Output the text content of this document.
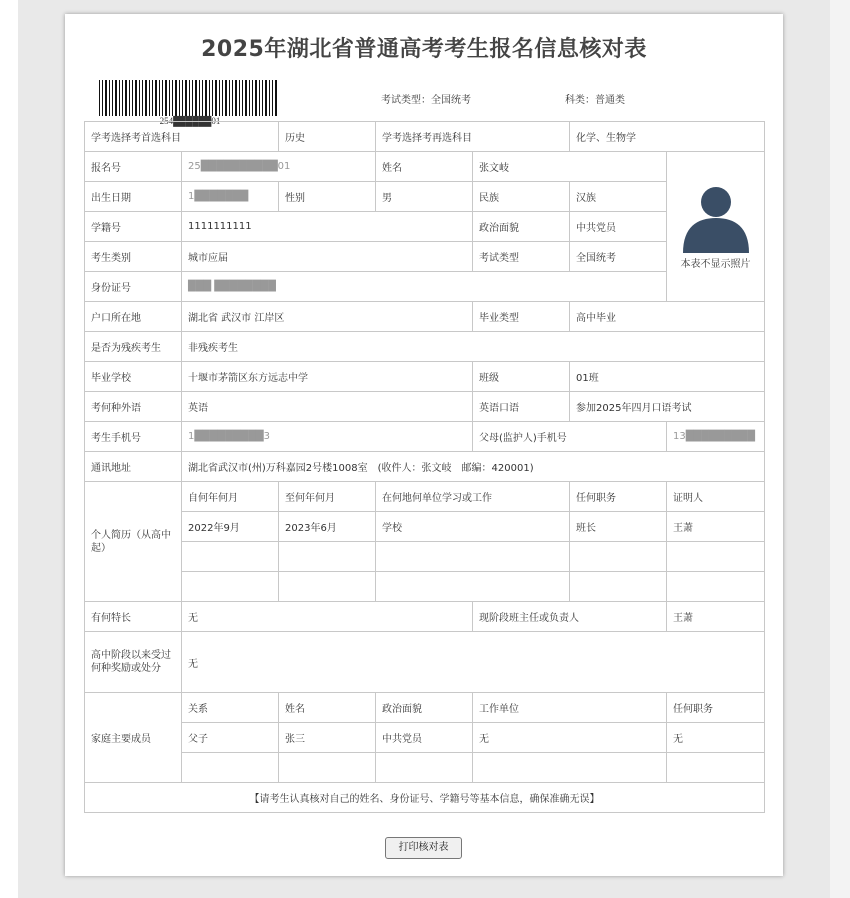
2025年湖北省普通高考考生报名信息核对表
254██████01
考试类型：全国统考	科类：普通类
学考选择考首选科目		历史	学考选择考再选科目		化学、生物学	
报名号	25██████████01		姓名	张文岐		本表不显示照片

出生日期	1███████	性别	男	民族	汉族	
学籍号	1111111111			政治面貌	中共党员	
考生类别	城市应届			考试类型	全国统考	
身份证号	███ ████████					
户口所在地	湖北省 武汉市 江岸区			毕业类型	高中毕业	
是否为残疾考生	非残疾考生					
毕业学校	十堰市茅箭区东方远志中学			班级	01班	
考何种外语	英语			英语口语	参加2025年四月口语考试	
考生手机号	1█████████3			父母(监护人)手机号		13█████████
通讯地址	湖北省武汉市(州)万科嘉园2号楼1008室　(收件人：张文岐　邮编：420001)					
个人简历（从高中起）	自何年何月	至何年何月	在何地何单位学习或工作		任何职务	证明人
	2022年9月	2023年6月	学校		班长	王萧

有何特长	无			现阶段班主任或负责人		王萧
高中阶段以来受过何种奖励或处分	无					
家庭主要成员	关系	姓名	政治面貌	工作单位		任何职务
	父子	张三	中共党员	无		无

【请考生认真核对自己的姓名、身份证号、学籍号等基本信息，确保准确无误】						
打印核对表
